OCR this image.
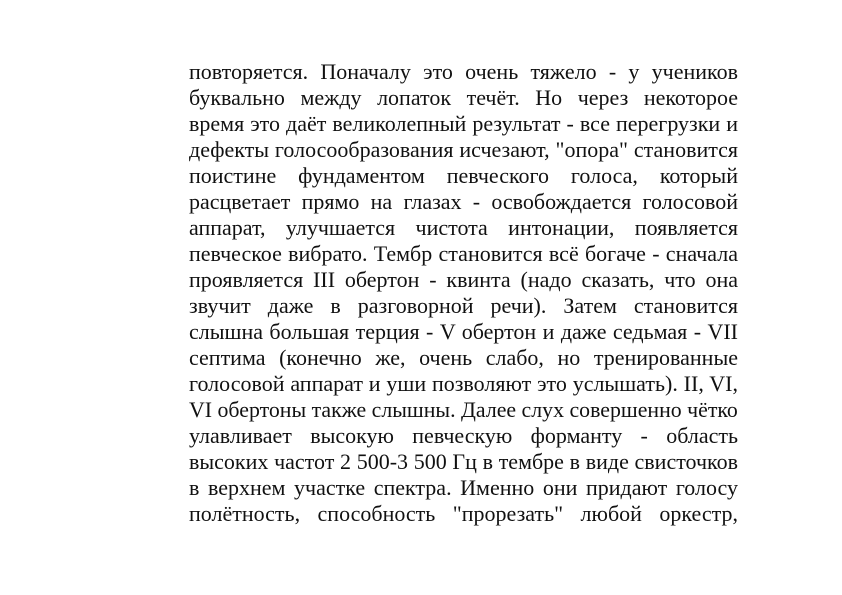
повторяется. Поначалу это очень тяжело - у учеников
буквально между лопаток течёт. Но через некоторое
время это даёт великолепный результат - все перегрузки и
дефекты голосообразования исчезают, "опора" становится
поистине фундаментом певческого голоса, который
расцветает прямо на глазах - освобождается голосовой
аппарат, улучшается чистота интонации, появляется
певческое вибрато. Тембр становится всё богаче - сначала
проявляется III обертон - квинта (надо сказать, что она
звучит даже в разговорной речи). Затем становится
слышна большая терция - V обертон и даже седьмая - VII
септима (конечно же, очень слабо, но тренированные
голосовой аппарат и уши позволяют это услышать). II, VI,
VI обертоны также слышны. Далее слух совершенно чётко
улавливает высокую певческую форманту - область
высоких частот 2 500-3 500 Гц в тембре в виде свисточков
в верхнем участке спектра. Именно они придают голосу
полётность, способность "прорезать" любой оркестр,
